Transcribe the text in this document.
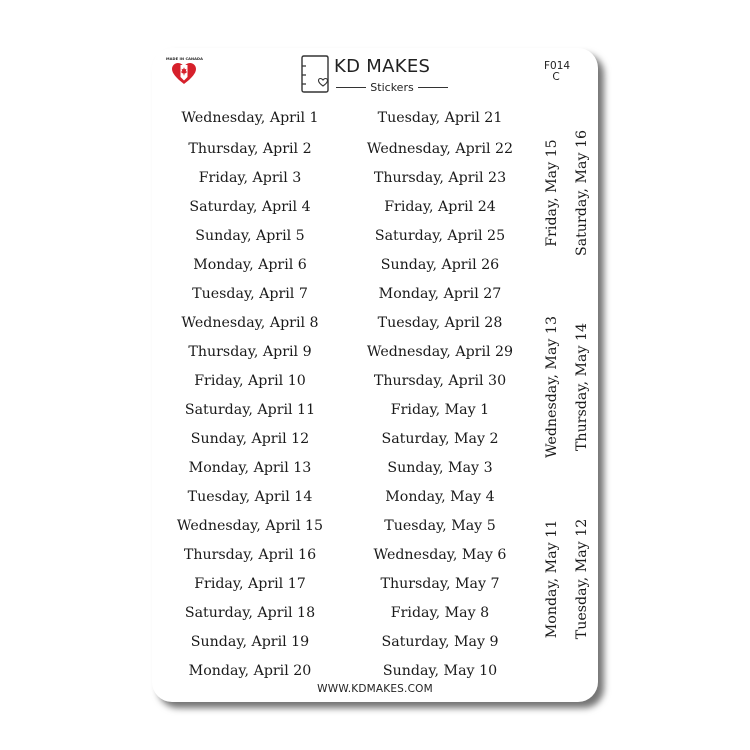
MADE IN CANADA	KD MAKES
Stickers
F014
C
Wednesday, April 1
Thursday, April 2
Friday, April 3
Saturday, April 4
Sunday, April 5
Monday, April 6
Tuesday, April 7
Wednesday, April 8
Thursday, April 9
Friday, April 10
Saturday, April 11
Sunday, April 12
Monday, April 13
Tuesday, April 14
Wednesday, April 15
Thursday, April 16
Friday, April 17
Saturday, April 18
Sunday, April 19
Monday, April 20
Tuesday, April 21
Wednesday, April 22
Thursday, April 23
Friday, April 24
Saturday, April 25
Sunday, April 26
Monday, April 27
Tuesday, April 28
Wednesday, April 29
Thursday, April 30
Friday, May 1
Saturday, May 2
Sunday, May 3
Monday, May 4
Tuesday, May 5
Wednesday, May 6
Thursday, May 7
Friday, May 8
Saturday, May 9
Sunday, May 10
Friday, May 15 Saturday, May 16
Wednesday, May 13 Thursday, May 14
Monday, May 11 Tuesday, May 12
WWW.KDMAKES.COM
